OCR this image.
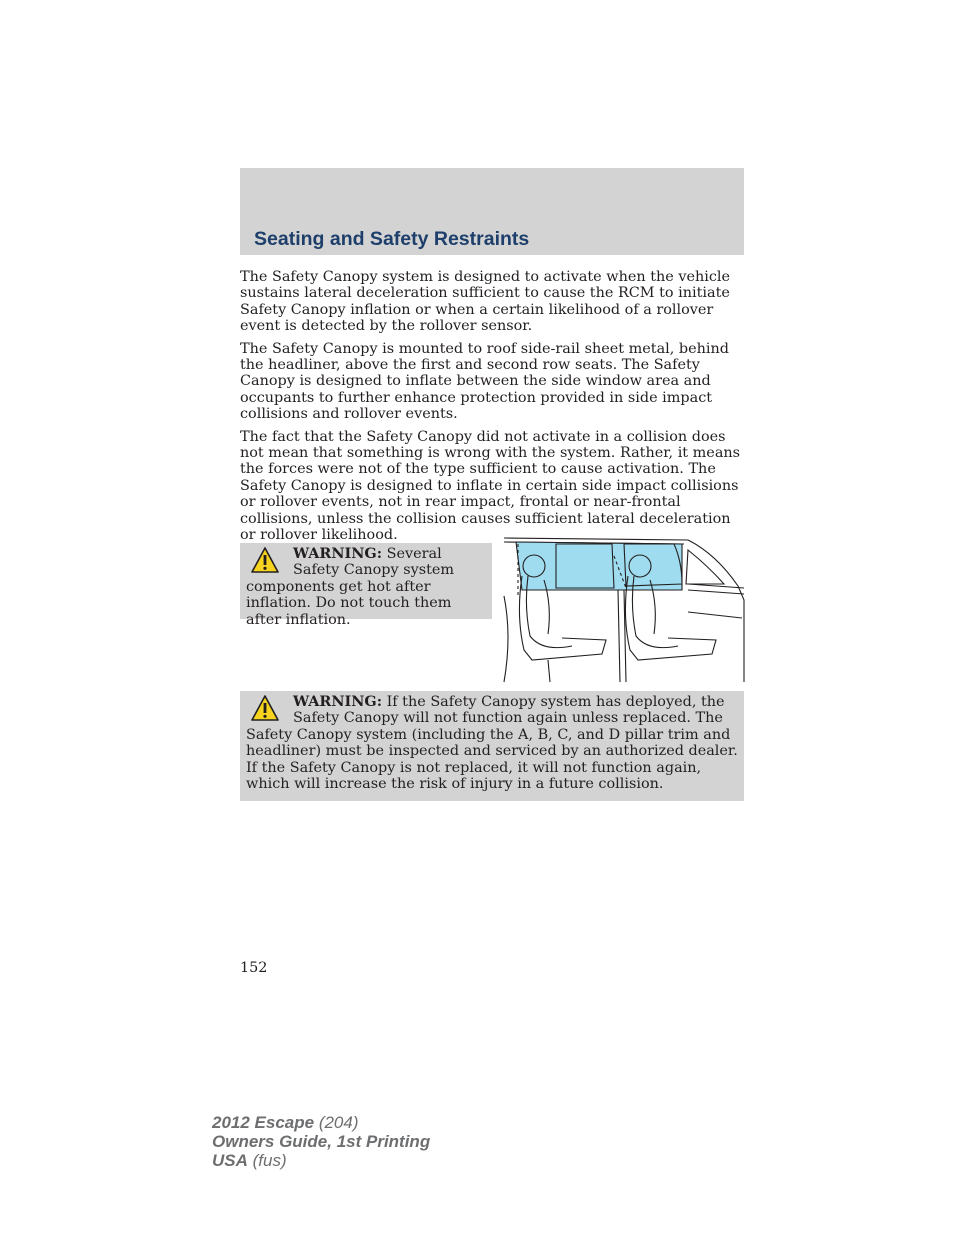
Seating and Safety Restraints

The Safety Canopy system is designed to activate when the vehicle sustains lateral deceleration sufficient to cause the RCM to initiate Safety Canopy inflation or when a certain likelihood of a rollover event is detected by the rollover sensor.

The Safety Canopy is mounted to roof side-rail sheet metal, behind the headliner, above the first and second row seats. The Safety Canopy is designed to inflate between the side window area and occupants to further enhance protection provided in side impact collisions and rollover events.

The fact that the Safety Canopy did not activate in a collision does not mean that something is wrong with the system. Rather, it means the forces were not of the type sufficient to cause activation. The Safety Canopy is designed to inflate in certain side impact collisions or rollover events, not in rear impact, frontal or near-frontal collisions, unless the collision causes sufficient lateral deceleration or rollover likelihood.

WARNING: Several Safety Canopy system components get hot after inflation. Do not touch them after inflation.
WARNING: If the Safety Canopy system has deployed, the Safety Canopy will not function again unless replaced. The Safety Canopy system (including the A, B, C, and D pillar trim and headliner) must be inspected and serviced by an authorized dealer. If the Safety Canopy is not replaced, it will not function again, which will increase the risk of injury in a future collision.
152
2012 Escape (204)
Owners Guide, 1st Printing
USA (fus)
